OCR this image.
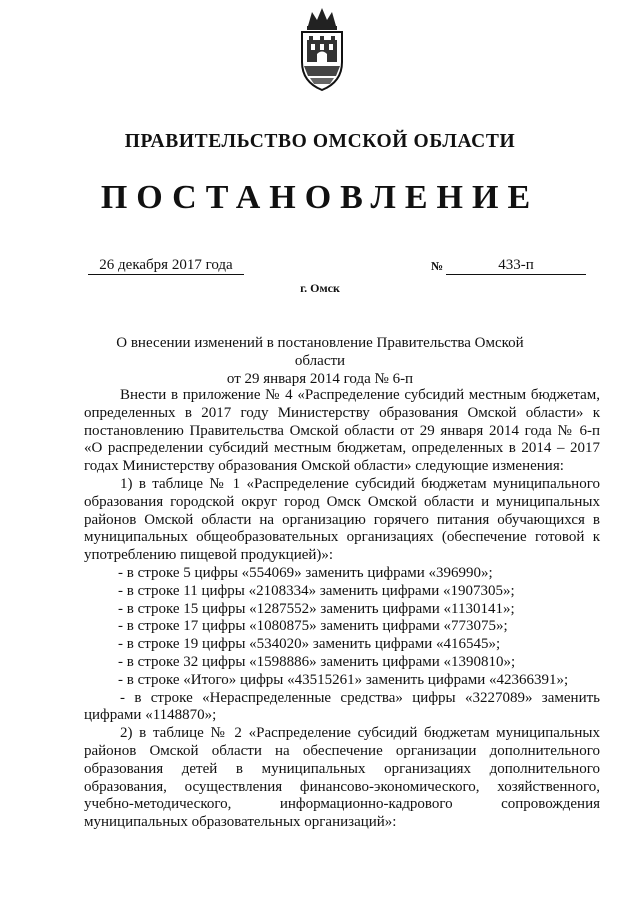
ПРАВИТЕЛЬСТВО ОМСКОЙ ОБЛАСТИ
ПОСТАНОВЛЕНИЕ
26 декабря 2017 года	№	433-п
г. Омск
О внесении изменений в постановление Правительства Омской области
от 29 января 2014 года № 6-п

Внести в приложение № 4 «Распределение субсидий местным бюджетам, определенных в 2017 году Министерству образования Омской области» к постановлению Правительства Омской области от 29 января 2014 года № 6-п «О распределении субсидий местным бюджетам, определенных в 2014 – 2017 годах Министерству образования Омской области» следующие изменения:

1) в таблице № 1 «Распределение субсидий бюджетам муниципального образования городской округ город Омск Омской области и муниципальных районов Омской области на организацию горячего питания обучающихся в муниципальных общеобразовательных организациях (обеспечение готовой к употреблению пищевой продукцией)»:

- в строке 5 цифры «554069» заменить цифрами «396990»;

- в строке 11 цифры «2108334» заменить цифрами «1907305»;

- в строке 15 цифры «1287552» заменить цифрами «1130141»;

- в строке 17 цифры «1080875» заменить цифрами «773075»;

- в строке 19 цифры «534020» заменить цифрами «416545»;

- в строке 32 цифры «1598886» заменить цифрами «1390810»;

- в строке «Итого» цифры «43515261» заменить цифрами «42366391»;

- в строке «Нераспределенные средства» цифры «3227089» заменить цифрами «1148870»;

2) в таблице № 2 «Распределение субсидий бюджетам муниципальных районов Омской области на обеспечение организации дополнительного образования детей в муниципальных организациях дополнительного образования, осуществления финансово-экономического, хозяйственного, учебно-методического, информационно-кадрового сопровождения муниципальных образовательных организаций»:
